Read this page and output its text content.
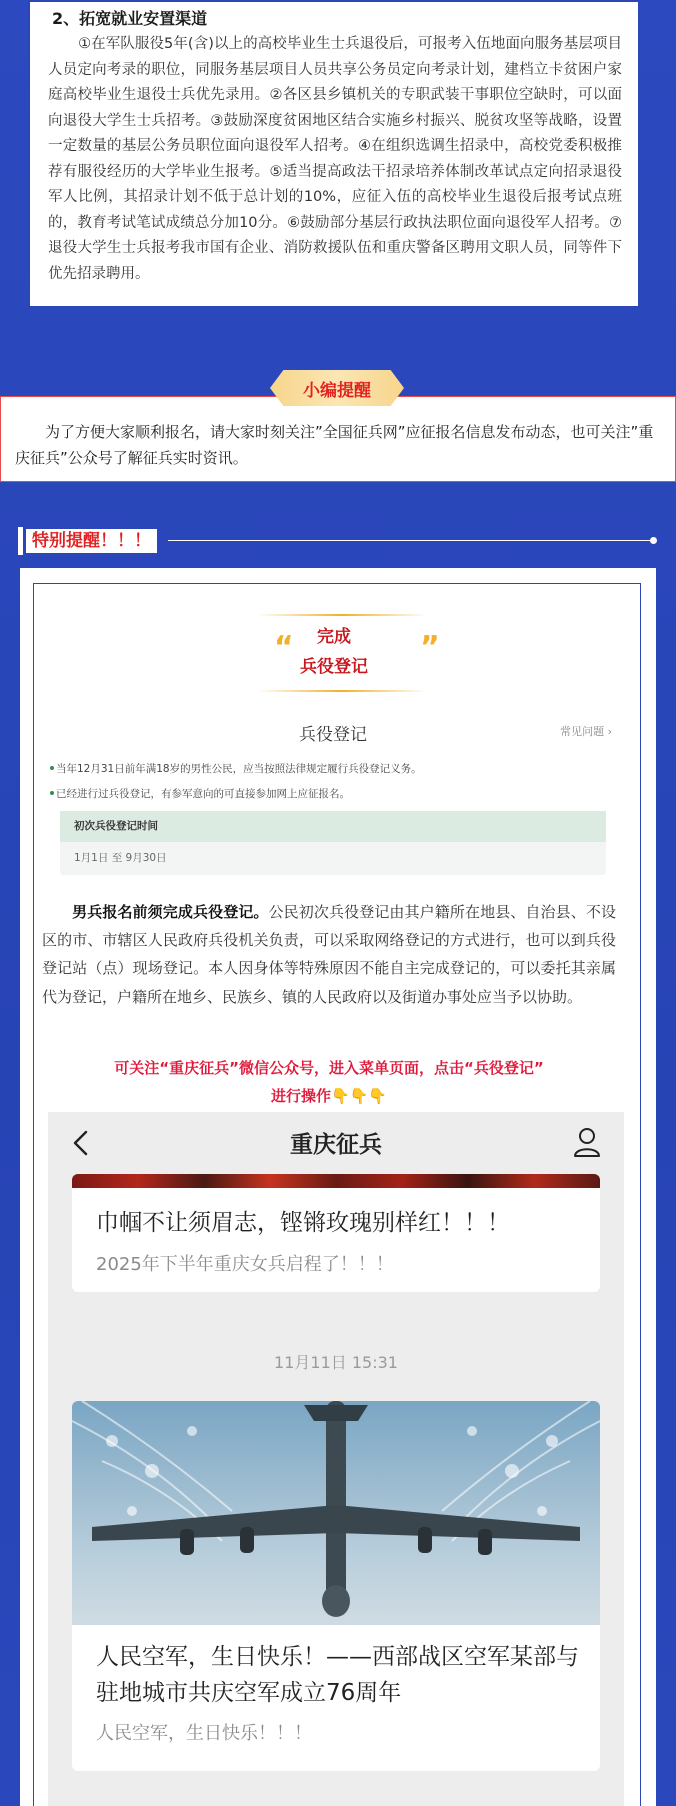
2、拓宽就业安置渠道
①在军队服役5年(含)以上的高校毕业生士兵退役后，可报考入伍地面向服务基层项目人员定向考录的职位，同服务基层项目人员共享公务员定向考录计划，建档立卡贫困户家庭高校毕业生退役士兵优先录用。②各区县乡镇机关的专职武装干事职位空缺时，可以面向退役大学生士兵招考。③鼓励深度贫困地区结合实施乡村振兴、脱贫攻坚等战略，设置一定数量的基层公务员职位面向退役军人招考。④在组织选调生招录中，高校党委积极推荐有服役经历的大学毕业生报考。⑤适当提高政法干招录培养体制改革试点定向招录退役军人比例，其招录计划不低于总计划的10%，应征入伍的高校毕业生退役后报考试点班的，教育考试笔试成绩总分加10分。⑥鼓励部分基层行政执法职位面向退役军人招考。⑦退役大学生士兵报考我市国有企业、消防救援队伍和重庆警备区聘用文职人员，同等件下优先招录聘用。
为了方便大家顺利报名，请大家时刻关注”全国征兵网”应征报名信息发布动态，也可关注”重庆征兵”公众号了解征兵实时资讯。
小编提醒
特别提醒！！！
“	完成
兵役登记
”
兵役登记	常见问题 ›
当年12月31日前年满18岁的男性公民，应当按照法律规定履行兵役登记义务。
已经进行过兵役登记，有参军意向的可直接参加网上应征报名。
初次兵役登记时间
1月1日 至 9月30日
男兵报名前须完成兵役登记。公民初次兵役登记由其户籍所在地县、自治县、不设区的市、市辖区人民政府兵役机关负责，可以采取网络登记的方式进行，也可以到兵役登记站（点）现场登记。本人因身体等特殊原因不能自主完成登记的，可以委托其亲属代为登记，户籍所在地乡、民族乡、镇的人民政府以及街道办事处应当予以协助。
可关注“重庆征兵”微信公众号，进入菜单页面，点击“兵役登记”
进行操作👇👇👇
重庆征兵
巾帼不让须眉志，铿锵玫瑰别样红！！！
2025年下半年重庆女兵启程了！！！
11月11日 15:31
人民空军，生日快乐！——西部战区空军某部与驻地城市共庆空军成立76周年
人民空军，生日快乐！！！
